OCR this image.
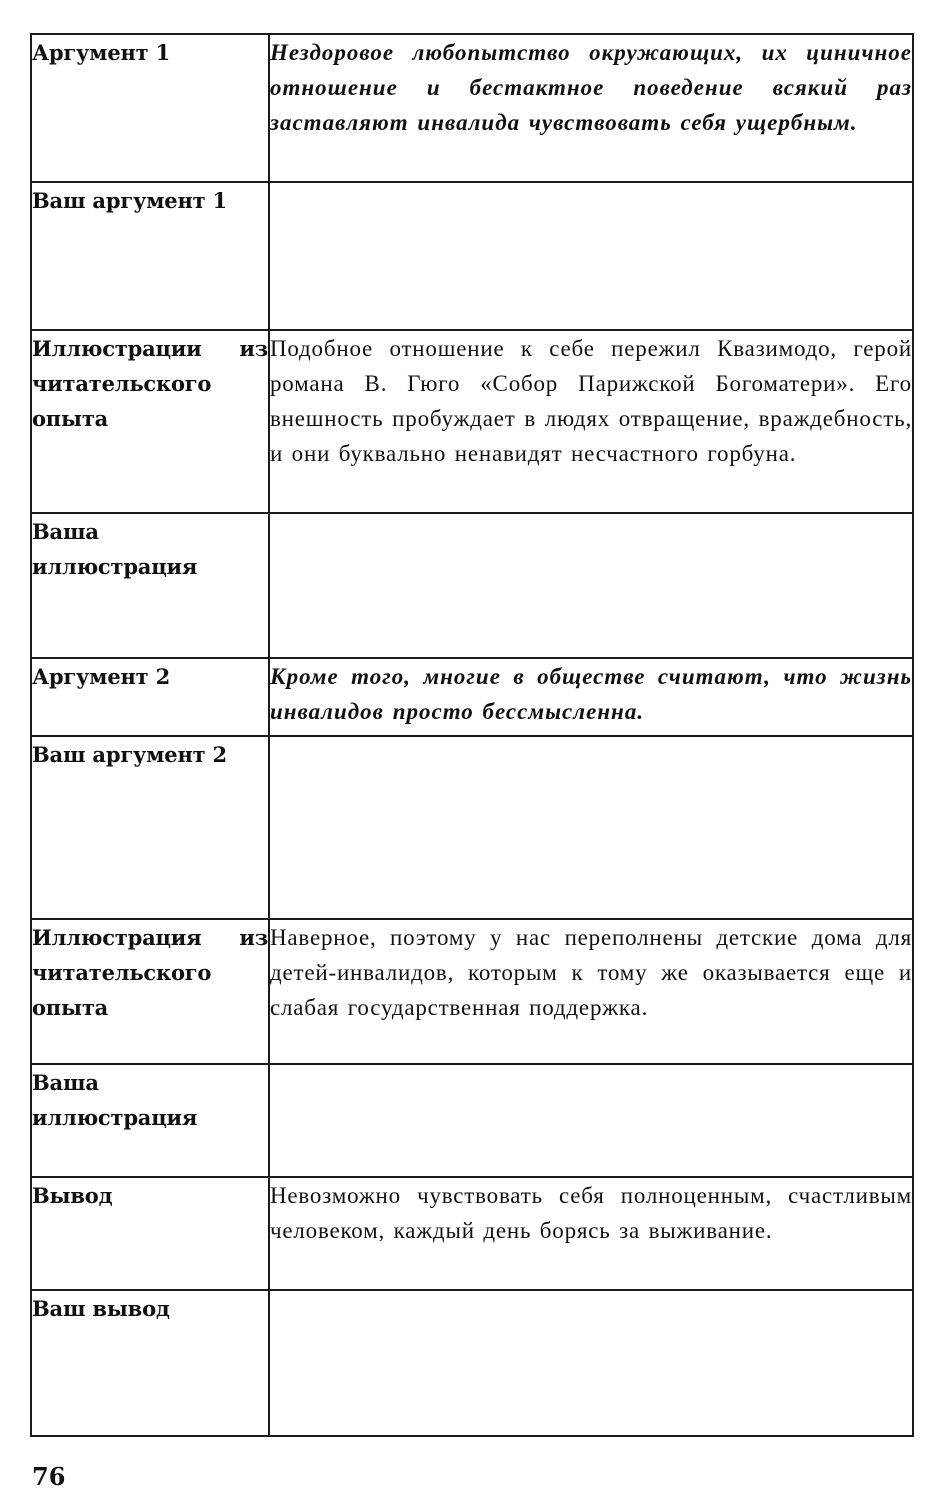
Аргумент 1	Нездоровое любопытство окружающих, их циничное отношение и бестактное поведение всякий раз заставляют инвалида чувствовать себя ущербным.
Ваш аргумент 1	
Иллюстрации из читательского опыта	Подобное отношение к себе пережил Квазимодо, герой романа В. Гюго «Собор Парижской Богоматери». Его внешность пробуждает в людях отвращение, враждебность, и они буквально ненавидят несчастного горбуна.
Ваша иллюстрация	
Аргумент 2	Кроме того, многие в обществе считают, что жизнь инвалидов просто бессмысленна.
Ваш аргумент 2	
Иллюстрация из читательского опыта	Наверное, поэтому у нас переполнены детские дома для детей-инвалидов, которым к тому же оказывается еще и слабая государственная поддержка.
Ваша иллюстрация	
Вывод	Невозможно чувствовать себя полноценным, счастливым человеком, каждый день борясь за выживание.
Ваш вывод	
76
